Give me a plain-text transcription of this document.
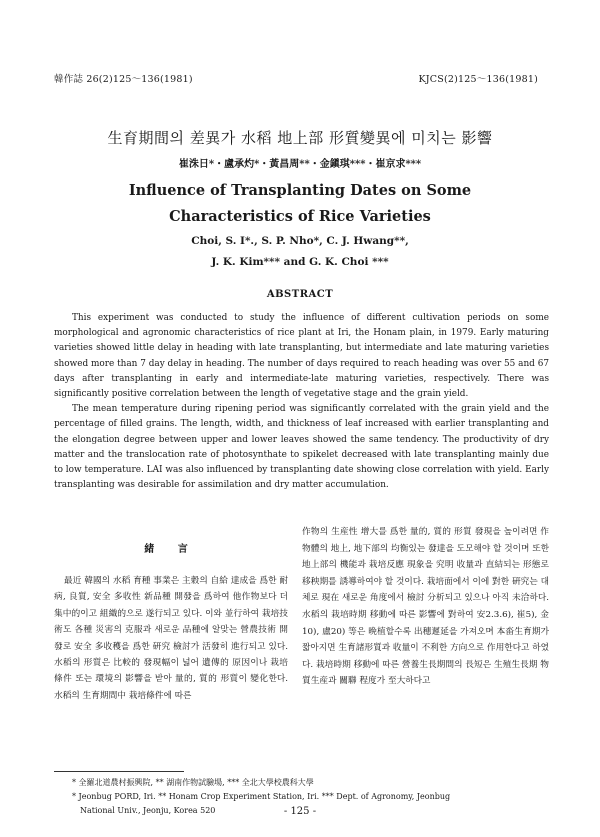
韓作誌 26(2)125～136(1981)	KJCS(2)125～136(1981)
生育期間의 差異가 水稻 地上部 形質變異에 미치는 影響
崔洙日*・盧承灼*・黃昌周**・金鎭琪***・崔京求***
Influence of Transplanting Dates on Some
Characteristics of Rice Varieties
Choi, S. I*., S. P. Nho*, C. J. Hwang**,
J. K. Kim*** and G. K. Choi ***
ABSTRACT

This experiment was conducted to study the influence of different cultivation periods on some morphological and agronomic characteristics of rice plant at Iri, the Honam plain, in 1979. Early maturing varieties showed little delay in heading with late transplanting, but intermediate and late maturing varieties showed more than 7 day delay in heading. The number of days required to reach heading was over 55 and 67 days after transplanting in early and intermediate-late maturing varieties, respectively. There was significantly positive correlation between the length of vegetative stage and the grain yield.

The mean temperature during ripening period was significantly correlated with the grain yield and the percentage of filled grains. The length, width, and thickness of leaf increased with earlier transplanting and the elongation degree between upper and lower leaves showed the same tendency. The productivity of dry matter and the translocation rate of photosynthate to spikelet decreased with late transplanting mainly due to low temperature. LAI was also influenced by transplanting date showing close correlation with yield. Early transplanting was desirable for assimilation and dry matter accumulation.

緒 言

最近 韓國의 水稻 育種 事業은 主穀의 自給 達成을 爲한 耐病, 良質, 安全 多收性 新品種 開發을 爲하여 他作物보다 더 集中的이고 組織的으로 遂行되고 있다. 이와 並行하여 栽培技術도 各種 災害의 克服과 새로운 品種에 알맞는 營農技術 開發로 安全 多收穫을 爲한 硏究 檢討가 活發히 進行되고 있다. 水稻의 形質은 比較的 發現幅이 넓어 遺傳的 原因이나 栽培條件 또는 環境의 影響을 받아 量的, 質的 形質이 變化한다. 水稻의 生育期間中 栽培條件에 따른

作物의 生産性 增大를 爲한 量的, 質的 形質 發現을 높이려면 作物體의 地上, 地下部의 均衡있는 發達을 도모해야 할 것이며 또한 地上部의 機能과 栽培反應 現象을 究明 收量과 直結되는 形態로 移秧期를 誘導하여야 할 것이다. 栽培面에서 이에 對한 硏究는 대체로 現在 새로운 角度에서 檢討 分析되고 있으나 아직 未洽하다. 水稻의 栽培時期 移動에 따른 影響에 對하여 安2.3.6), 崔5), 金10), 盧20) 等은 晩植할수록 出穗遲延을 가져오며 本畓生育期가 짧아지면 生育諸形質과 收量이 不利한 方向으로 作用한다고 하였다. 栽培時期 移動에 따른 營養生長期間의 長短은 生殖生長期 物質生産과 關聯 程度가 至大하다고

* 全羅北道農村振興院, ** 湖南作物試驗場, *** 全北大學校農科大學

* Jeonbug PORD, Iri. ** Honam Crop Experiment Station, Iri. *** Dept. of Agronomy, Jeonbug

National Univ., Jeonju, Korea 520	- 125 -
